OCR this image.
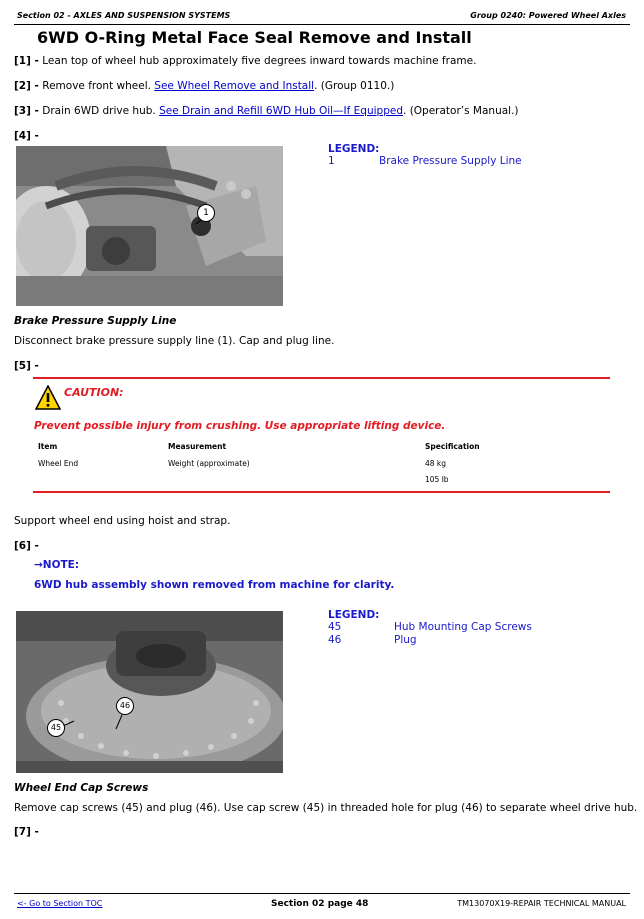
Section 02 - AXLES AND SUSPENSION SYSTEMS	Group 0240: Powered Wheel Axles
6WD O-Ring Metal Face Seal Remove and Install
[1] - Lean top of wheel hub approximately five degrees inward towards machine frame.
[2] - Remove front wheel. See Wheel Remove and Install. (Group 0110.)
[3] - Drain 6WD drive hub. See Drain and Refill 6WD Hub Oil—If Equipped. (Operator’s Manual.)
[4] -
1
LEGEND:
1	Brake Pressure Supply Line
Brake Pressure Supply Line
Disconnect brake pressure supply line (1). Cap and plug line.
[5] -
CAUTION:
Prevent possible injury from crushing. Use appropriate lifting device.
Item	Measurement	Specification
Wheel End	Weight (approximate)	48 kg
105 lb
Support wheel end using hoist and strap.
[6] -
→NOTE:
6WD hub assembly shown removed from machine for clarity.
45
46
LEGEND:
45	Hub Mounting Cap Screws
46	Plug
Wheel End Cap Screws
Remove cap screws (45) and plug (46). Use cap screw (45) in threaded hole for plug (46) to separate wheel drive hub.
[7] -
<- Go to Section TOC	Section 02 page 48	TM13070X19-REPAIR TECHNICAL MANUAL
